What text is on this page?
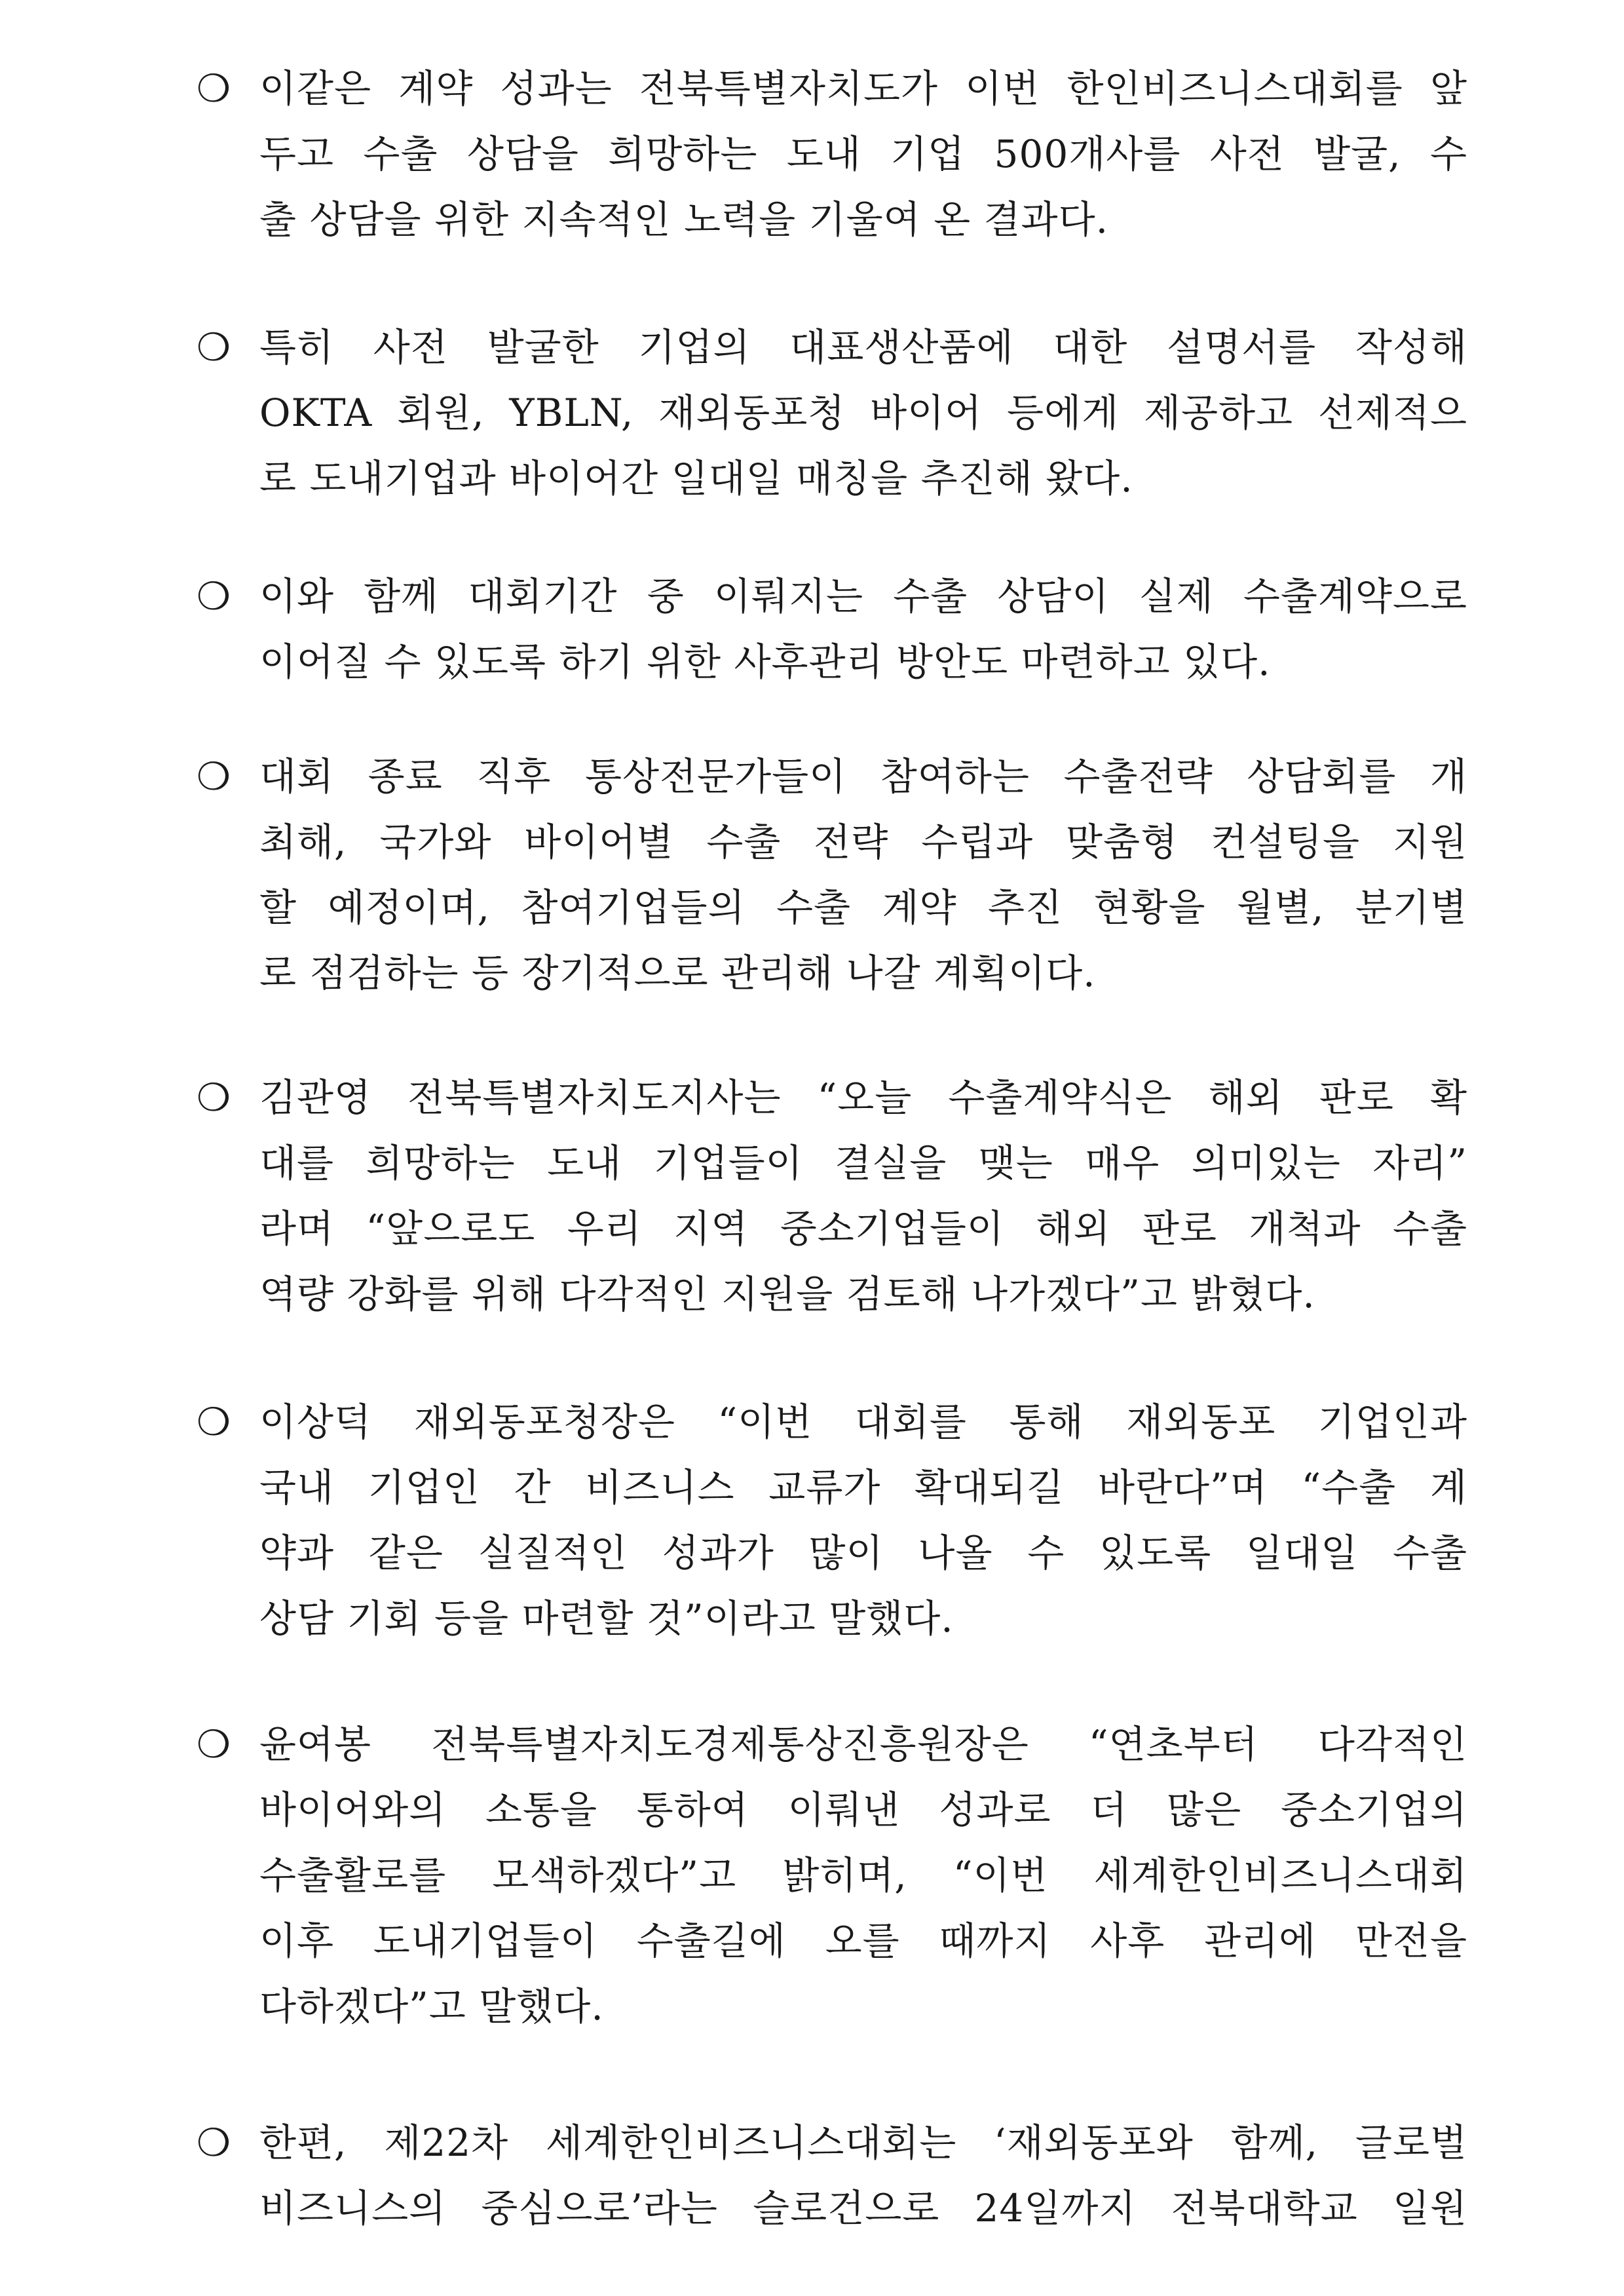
❍ 이같은 계약 성과는 전북특별자치도가 이번 한인비즈니스대회를 앞
두고 수출 상담을 희망하는 도내 기업 500개사를 사전 발굴, 수
출 상담을 위한 지속적인 노력을 기울여 온 결과다.
❍ 특히 사전 발굴한 기업의 대표생산품에 대한 설명서를 작성해
OKTA 회원, YBLN, 재외동포청 바이어 등에게 제공하고 선제적으
로 도내기업과 바이어간 일대일 매칭을 추진해 왔다.
❍ 이와 함께 대회기간 중 이뤄지는 수출 상담이 실제 수출계약으로
이어질 수 있도록 하기 위한 사후관리 방안도 마련하고 있다.
❍ 대회 종료 직후 통상전문가들이 참여하는 수출전략 상담회를 개
최해, 국가와 바이어별 수출 전략 수립과 맞춤형 컨설팅을 지원
할 예정이며, 참여기업들의 수출 계약 추진 현황을 월별, 분기별
로 점검하는 등 장기적으로 관리해 나갈 계획이다.
❍ 김관영 전북특별자치도지사는 “오늘 수출계약식은 해외 판로 확
대를 희망하는 도내 기업들이 결실을 맺는 매우 의미있는 자리”
라며 “앞으로도 우리 지역 중소기업들이 해외 판로 개척과 수출
역량 강화를 위해 다각적인 지원을 검토해 나가겠다”고 밝혔다.
❍ 이상덕 재외동포청장은 “이번 대회를 통해 재외동포 기업인과
국내 기업인 간 비즈니스 교류가 확대되길 바란다”며 “수출 계
약과 같은 실질적인 성과가 많이 나올 수 있도록 일대일 수출
상담 기회 등을 마련할 것”이라고 말했다.
❍ 윤여봉 전북특별자치도경제통상진흥원장은 “연초부터 다각적인
바이어와의 소통을 통하여 이뤄낸 성과로 더 많은 중소기업의
수출활로를 모색하겠다”고 밝히며, “이번 세계한인비즈니스대회
이후 도내기업들이 수출길에 오를 때까지 사후 관리에 만전을
다하겠다”고 말했다.
❍ 한편, 제22차 세계한인비즈니스대회는 ‘재외동포와 함께, 글로벌
비즈니스의 중심으로’라는 슬로건으로 24일까지 전북대학교 일원
